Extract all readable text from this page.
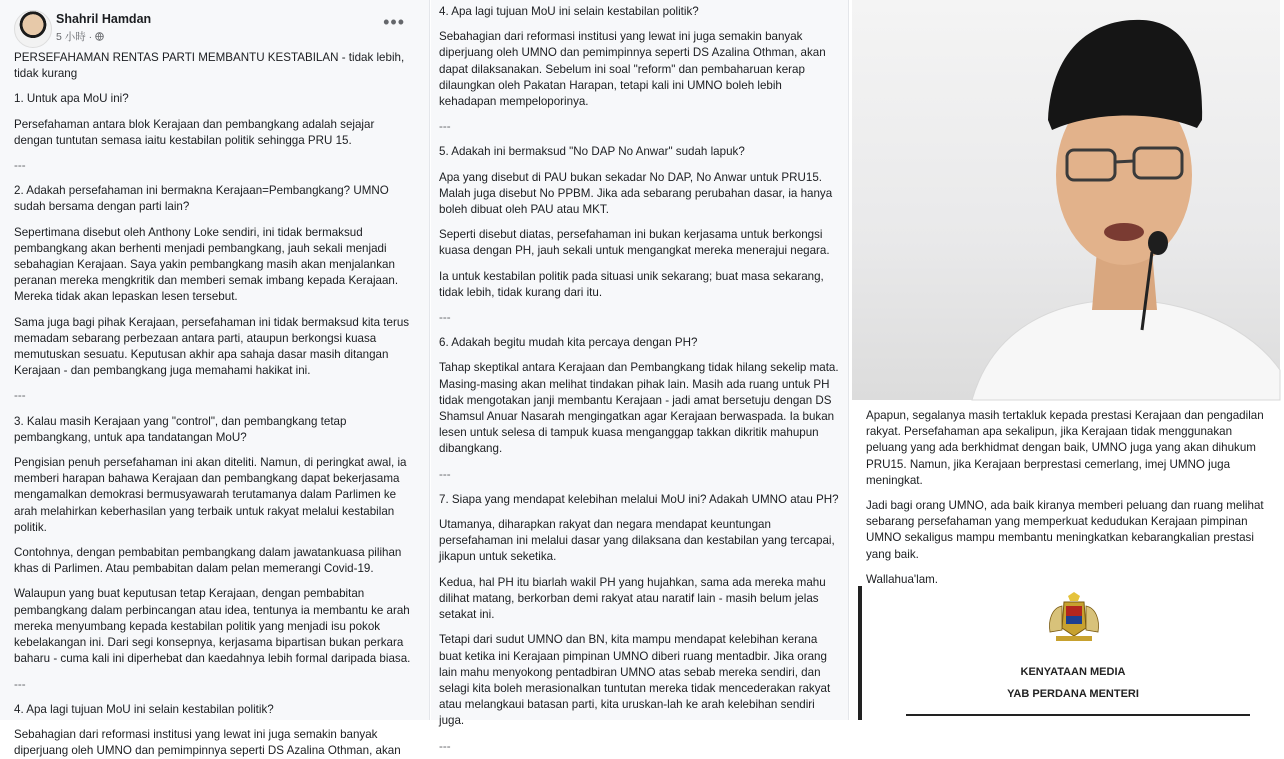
Shahril Hamdan
5 小時 ·
•••

PERSEFAHAMAN RENTAS PARTI MEMBANTU KESTABILAN - tidak lebih, tidak kurang

1. Untuk apa MoU ini?

Persefahaman antara blok Kerajaan dan pembangkang adalah sejajar dengan tuntutan semasa iaitu kestabilan politik sehingga PRU 15.

---

2. Adakah persefahaman ini bermakna Kerajaan=Pembangkang? UMNO sudah bersama dengan parti lain?

Sepertimana disebut oleh Anthony Loke sendiri, ini tidak bermaksud pembangkang akan berhenti menjadi pembangkang, jauh sekali menjadi sebahagian Kerajaan. Saya yakin pembangkang masih akan menjalankan peranan mereka mengkritik dan memberi semak imbang kepada Kerajaan. Mereka tidak akan lepaskan lesen tersebut.

Sama juga bagi pihak Kerajaan, persefahaman ini tidak bermaksud kita terus memadam sebarang perbezaan antara parti, ataupun berkongsi kuasa memutuskan sesuatu. Keputusan akhir apa sahaja dasar masih ditangan Kerajaan - dan pembangkang juga memahami hakikat ini.

---

3. Kalau masih Kerajaan yang "control", dan pembangkang tetap pembangkang, untuk apa tandatangan MoU?

Pengisian penuh persefahaman ini akan diteliti. Namun, di peringkat awal, ia memberi harapan bahawa Kerajaan dan pembangkang dapat bekerjasama mengamalkan demokrasi bermusyawarah terutamanya dalam Parlimen ke arah melahirkan keberhasilan yang terbaik untuk rakyat melalui kestabilan politik.

Contohnya, dengan pembabitan pembangkang dalam jawatankuasa pilihan khas di Parlimen. Atau pembabitan dalam pelan memerangi Covid-19.

Walaupun yang buat keputusan tetap Kerajaan, dengan pembabitan pembangkang dalam perbincangan atau idea, tentunya ia membantu ke arah mereka menyumbang kepada kestabilan politik yang menjadi isu pokok kebelakangan ini. Dari segi konsepnya, kerjasama bipartisan bukan perkara baharu - cuma kali ini diperhebat dan kaedahnya lebih formal daripada biasa.

---

4. Apa lagi tujuan MoU ini selain kestabilan politik?

Sebahagian dari reformasi institusi yang lewat ini juga semakin banyak diperjuang oleh UMNO dan pemimpinnya seperti DS Azalina Othman, akan

4. Apa lagi tujuan MoU ini selain kestabilan politik?

Sebahagian dari reformasi institusi yang lewat ini juga semakin banyak diperjuang oleh UMNO dan pemimpinnya seperti DS Azalina Othman, akan dapat dilaksanakan. Sebelum ini soal "reform" dan pembaharuan kerap dilaungkan oleh Pakatan Harapan, tetapi kali ini UMNO boleh lebih kehadapan mempeloporinya.

---

5. Adakah ini bermaksud "No DAP No Anwar" sudah lapuk?

Apa yang disebut di PAU bukan sekadar No DAP, No Anwar untuk PRU15. Malah juga disebut No PPBM. Jika ada sebarang perubahan dasar, ia hanya boleh dibuat oleh PAU atau MKT.

Seperti disebut diatas, persefahaman ini bukan kerjasama untuk berkongsi kuasa dengan PH, jauh sekali untuk mengangkat mereka menerajui negara.

Ia untuk kestabilan politik pada situasi unik sekarang; buat masa sekarang, tidak lebih, tidak kurang dari itu.

---

6. Adakah begitu mudah kita percaya dengan PH?

Tahap skeptikal antara Kerajaan dan Pembangkang tidak hilang sekelip mata. Masing-masing akan melihat tindakan pihak lain. Masih ada ruang untuk PH tidak mengotakan janji membantu Kerajaan - jadi amat bersetuju dengan DS Shamsul Anuar Nasarah mengingatkan agar Kerajaan berwaspada. Ia bukan lesen untuk selesa di tampuk kuasa menganggap takkan dikritik mahupun dibangkang.

---

7. Siapa yang mendapat kelebihan melalui MoU ini? Adakah UMNO atau PH?

Utamanya, diharapkan rakyat dan negara mendapat keuntungan persefahaman ini melalui dasar yang dilaksana dan kestabilan yang tercapai, jikapun untuk seketika.

Kedua, hal PH itu biarlah wakil PH yang hujahkan, sama ada mereka mahu dilihat matang, berkorban demi rakyat atau naratif lain - masih belum jelas setakat ini.

Tetapi dari sudut UMNO dan BN, kita mampu mendapat kelebihan kerana buat ketika ini Kerajaan pimpinan UMNO diberi ruang mentadbir. Jika orang lain mahu menyokong pentadbiran UMNO atas sebab mereka sendiri, dan selagi kita boleh merasionalkan tuntutan mereka tidak mencederakan rakyat atau melangkaui batasan parti, kita uruskan-lah ke arah kelebihan sendiri juga.

---

Apapun, segalanya masih tertakluk kepada prestasi Kerajaan dan pengadilan rakyat. Persefahaman apa sekalipun, jika Kerajaan tidak menggunakan peluang yang ada berkhidmat dengan baik, UMNO juga yang akan dihukum PRU15. Namun, jika Kerajaan berprestasi cemerlang, imej UMNO juga meningkat.

Jadi bagi orang UMNO, ada baik kiranya memberi peluang dan ruang melihat sebarang persefahaman yang memperkuat kedudukan Kerajaan pimpinan UMNO sekaligus mampu membantu meningkatkan kebarangkalian prestasi yang baik.

Wallahua'lam.

KENYATAAN MEDIA
YAB PERDANA MENTERI
